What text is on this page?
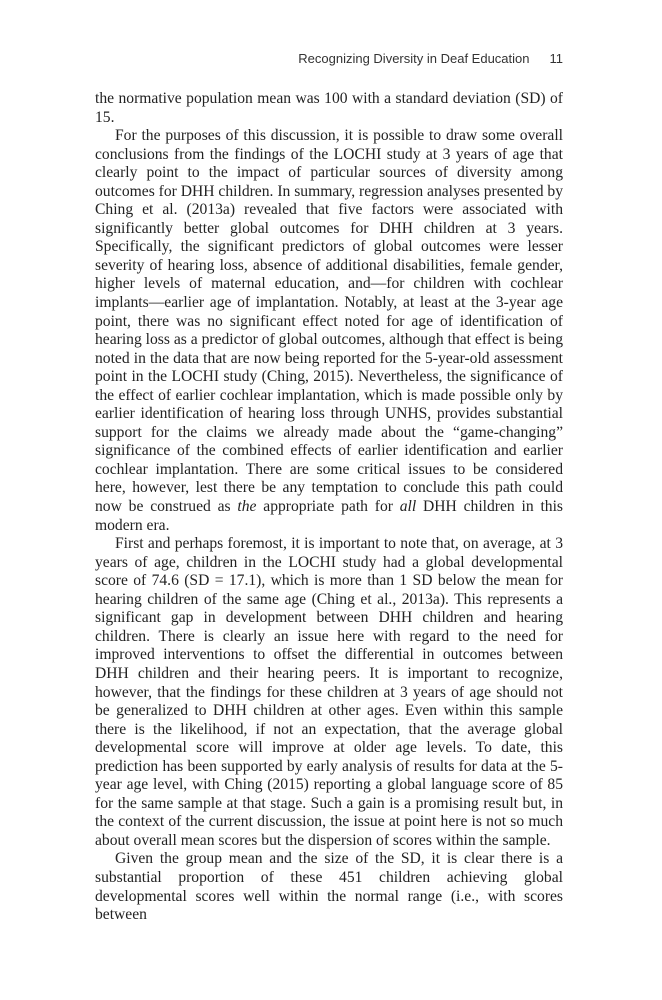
Recognizing Diversity in Deaf Education 11

the normative population mean was 100 with a standard deviation (SD) of 15.

For the purposes of this discussion, it is possible to draw some overall conclusions from the findings of the LOCHI study at 3 years of age that clearly point to the impact of particular sources of diversity among outcomes for DHH children. In summary, regression analyses presented by Ching et al. (2013a) revealed that five factors were associated with significantly better global outcomes for DHH children at 3 years. Specifically, the significant predictors of global outcomes were lesser severity of hearing loss, absence of additional disabilities, female gender, higher levels of maternal education, and—for children with cochlear implants—earlier age of implantation. Notably, at least at the 3-year age point, there was no significant effect noted for age of identification of hearing loss as a predictor of global outcomes, although that effect is being noted in the data that are now being reported for the 5-year-old assessment point in the LOCHI study (Ching, 2015). Nevertheless, the significance of the effect of earlier cochlear implantation, which is made possible only by earlier identification of hearing loss through UNHS, provides substantial support for the claims we already made about the “game-changing” significance of the combined effects of earlier identification and earlier cochlear implantation. There are some critical issues to be considered here, however, lest there be any temptation to conclude this path could now be construed as the appropriate path for all DHH children in this modern era.

First and perhaps foremost, it is important to note that, on average, at 3 years of age, children in the LOCHI study had a global developmental score of 74.6 (SD = 17.1), which is more than 1 SD below the mean for hearing children of the same age (Ching et al., 2013a). This represents a significant gap in development between DHH children and hearing children. There is clearly an issue here with regard to the need for improved interventions to offset the differential in outcomes between DHH children and their hearing peers. It is important to recognize, however, that the findings for these children at 3 years of age should not be generalized to DHH children at other ages. Even within this sample there is the likelihood, if not an expectation, that the average global developmental score will improve at older age levels. To date, this prediction has been supported by early analysis of results for data at the 5-year age level, with Ching (2015) reporting a global language score of 85 for the same sample at that stage. Such a gain is a promising result but, in the context of the current discussion, the issue at point here is not so much about overall mean scores but the dispersion of scores within the sample.

Given the group mean and the size of the SD, it is clear there is a substantial proportion of these 451 children achieving global developmental scores well within the normal range (i.e., with scores between
